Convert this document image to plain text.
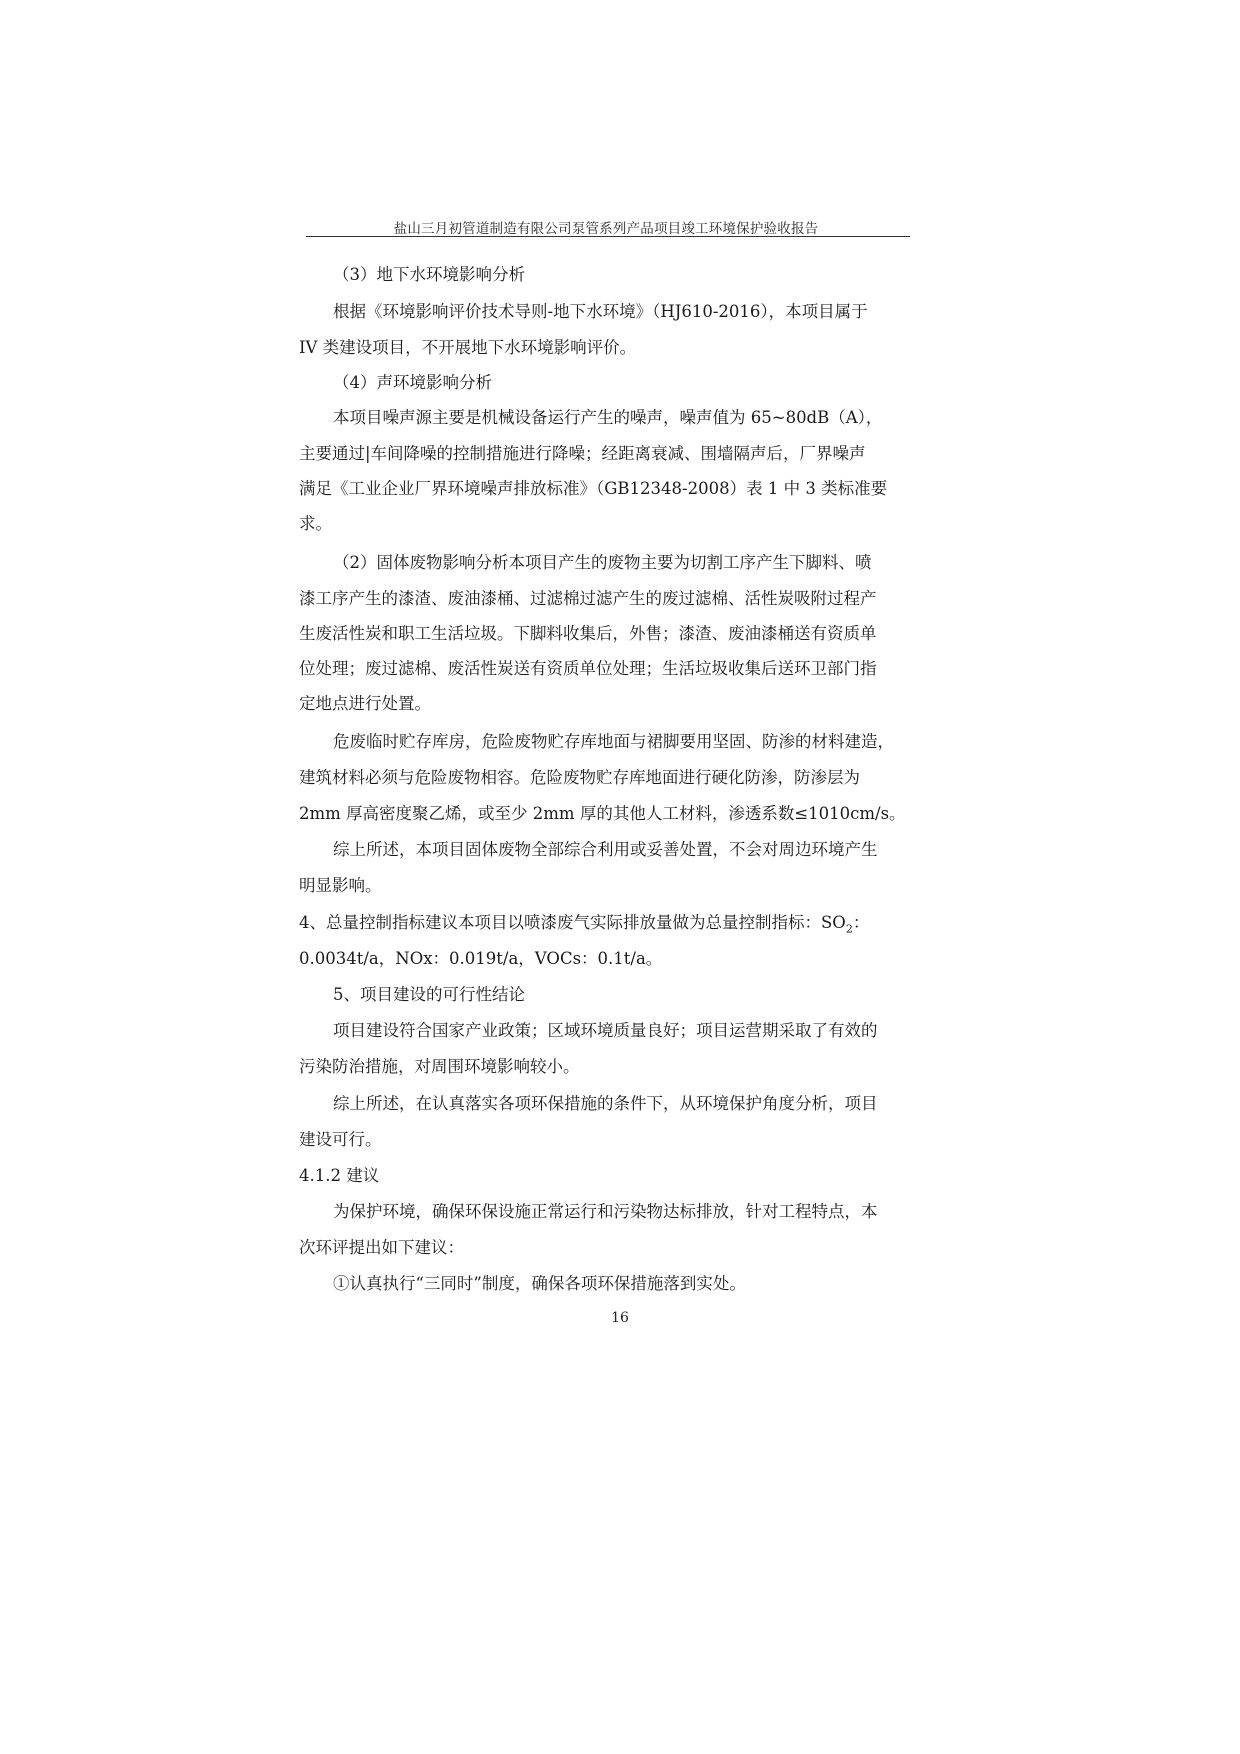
盐山三月初管道制造有限公司泵管系列产品项目竣工环境保护验收报告
（3）地下水环境影响分析
根据《环境影响评价技术导则-地下水环境》（HJ610-2016），本项目属于
IV 类建设项目，不开展地下水环境影响评价。
（4）声环境影响分析
本项目噪声源主要是机械设备运行产生的噪声，噪声值为 65~80dB（A），
主要通过|车间降噪的控制措施进行降噪；经距离衰减、围墙隔声后，厂界噪声
满足《工业企业厂界环境噪声排放标准》（GB12348-2008）表 1 中 3 类标准要
求。
（2）固体废物影响分析本项目产生的废物主要为切割工序产生下脚料、喷
漆工序产生的漆渣、废油漆桶、过滤棉过滤产生的废过滤棉、活性炭吸附过程产
生废活性炭和职工生活垃圾。下脚料收集后，外售；漆渣、废油漆桶送有资质单
位处理；废过滤棉、废活性炭送有资质单位处理；生活垃圾收集后送环卫部门指
定地点进行处置。
危废临时贮存库房，危险废物贮存库地面与裙脚要用坚固、防渗的材料建造，
建筑材料必须与危险废物相容。危险废物贮存库地面进行硬化防渗，防渗层为
2mm 厚高密度聚乙烯，或至少 2mm 厚的其他人工材料，渗透系数≤1010cm/s。
综上所述，本项目固体废物全部综合利用或妥善处置，不会对周边环境产生
明显影响。
4、总量控制指标建议本项目以喷漆废气实际排放量做为总量控制指标：$SO_2$：
0.0034t/a，NOx：0.019t/a，VOCs：0.1t/a。
5、项目建设的可行性结论
项目建设符合国家产业政策；区域环境质量良好；项目运营期采取了有效的
污染防治措施，对周围环境影响较小。
综上所述，在认真落实各项环保措施的条件下，从环境保护角度分析，项目
建设可行。
4.1.2 建议
为保护环境，确保环保设施正常运行和污染物达标排放，针对工程特点，本
次环评提出如下建议：
①认真执行“三同时”制度，确保各项环保措施落到实处。
16
